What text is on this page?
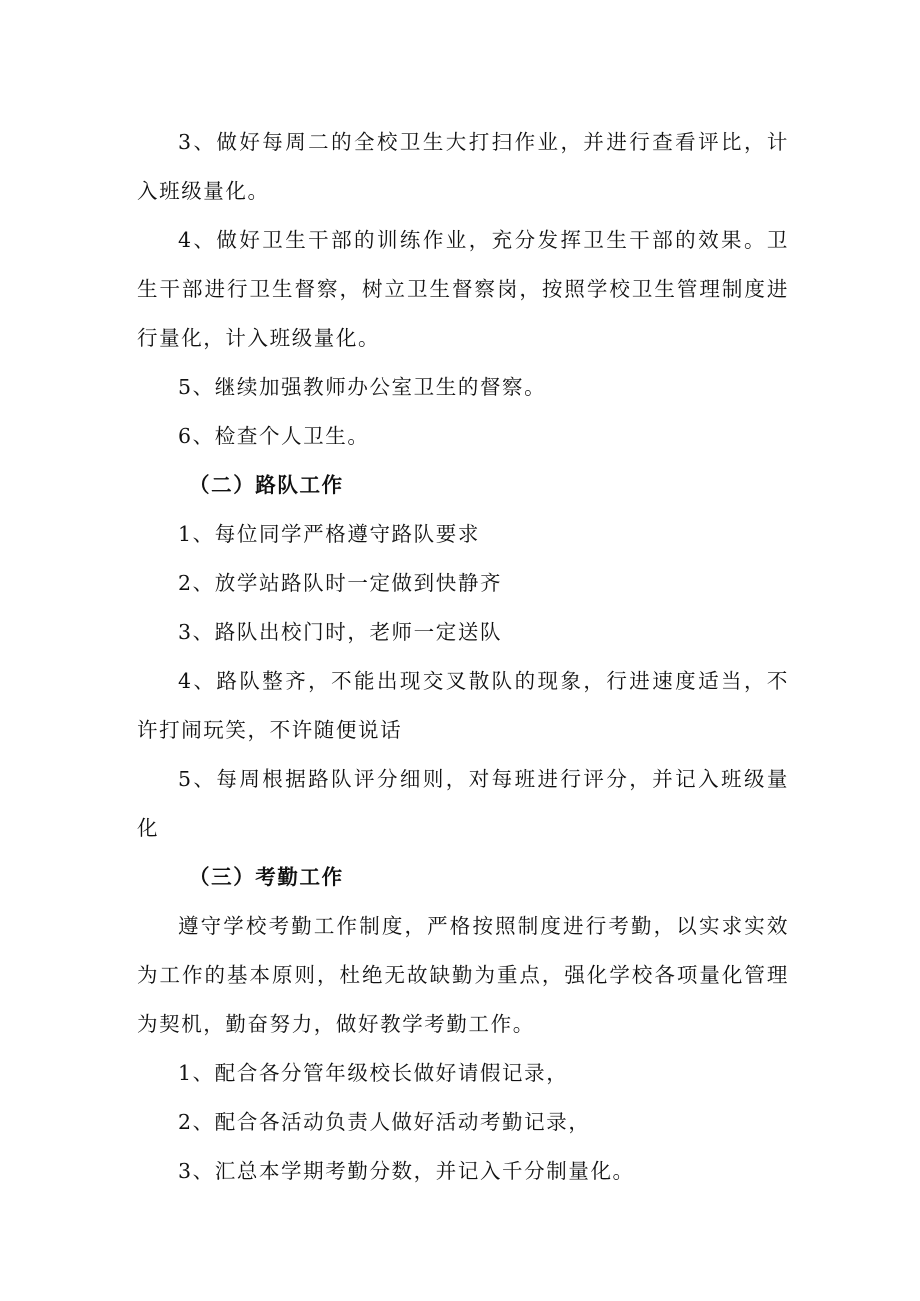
3、做好每周二的全校卫生大打扫作业，并进行查看评比，计入班级量化。

4、做好卫生干部的训练作业，充分发挥卫生干部的效果。卫生干部进行卫生督察，树立卫生督察岗，按照学校卫生管理制度进行量化，计入班级量化。

5、继续加强教师办公室卫生的督察。

6、检查个人卫生。

（二）路队工作

1、每位同学严格遵守路队要求

2、放学站路队时一定做到快静齐

3、路队出校门时，老师一定送队

4、路队整齐，不能出现交叉散队的现象，行进速度适当，不许打闹玩笑，不许随便说话

5、每周根据路队评分细则，对每班进行评分，并记入班级量化

（三）考勤工作

遵守学校考勤工作制度，严格按照制度进行考勤，以实求实效为工作的基本原则，杜绝无故缺勤为重点，强化学校各项量化管理为契机，勤奋努力，做好教学考勤工作。

1、配合各分管年级校长做好请假记录，

2、配合各活动负责人做好活动考勤记录，

3、汇总本学期考勤分数，并记入千分制量化。
